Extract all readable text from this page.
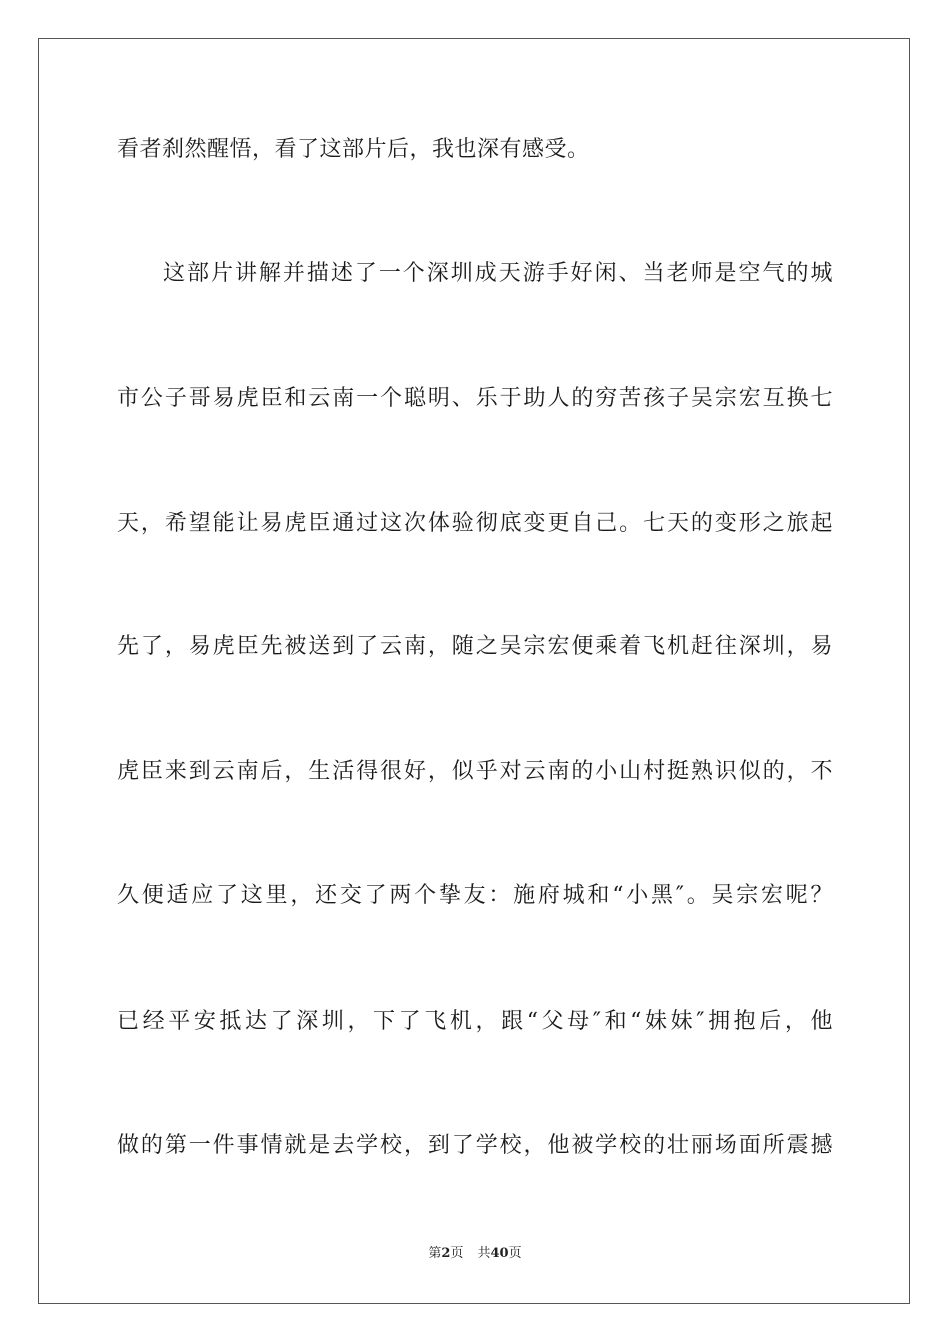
看者刹然醒悟，看了这部片后，我也深有感受。
这部片讲解并描述了一个深圳成天游手好闲、当老师是空气的城
市公子哥易虎臣和云南一个聪明、乐于助人的穷苦孩子吴宗宏互换七
天，希望能让易虎臣通过这次体验彻底变更自己。七天的变形之旅起
先了，易虎臣先被送到了云南，随之吴宗宏便乘着飞机赶往深圳，易
虎臣来到云南后，生活得很好，似乎对云南的小山村挺熟识似的，不
久便适应了这里，还交了两个挚友：施府城和“小黑″。吴宗宏呢？
已经平安抵达了深圳，下了飞机，跟“父母″和“妹妹″拥抱后，他
做的第一件事情就是去学校，到了学校，他被学校的壮丽场面所震撼
第2页 共40页
